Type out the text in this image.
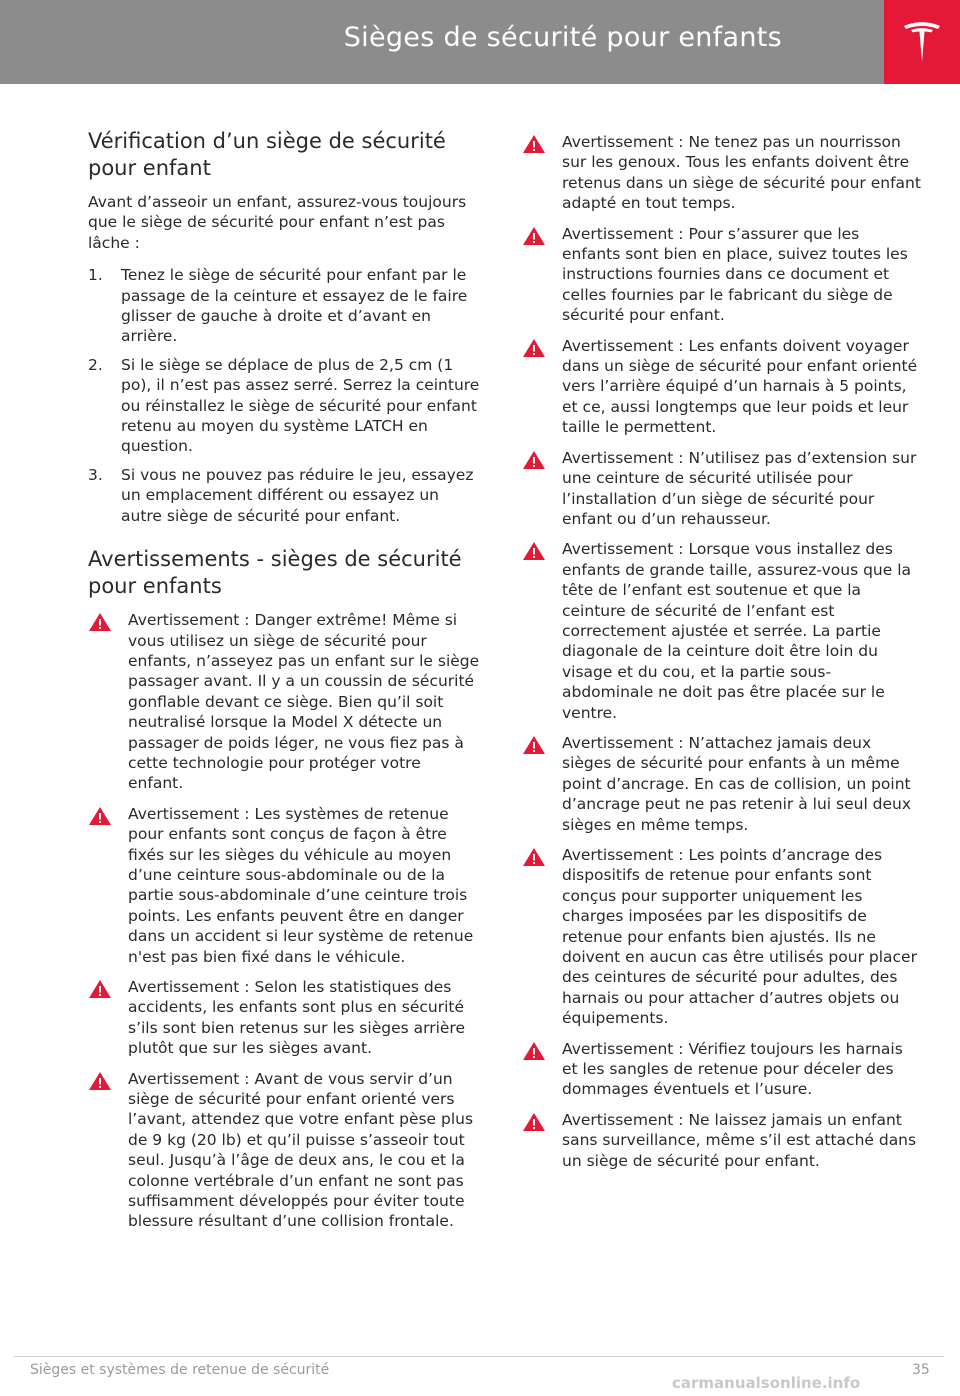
Sièges de sécurité pour enfants
Vérification d’un siège de sécurité pour enfant

Avant d’asseoir un enfant, assurez-vous toujours que le siège de sécurité pour enfant n’est pas lâche :

1. Tenez le siège de sécurité pour enfant par le passage de la ceinture et essayez de le faire glisser de gauche à droite et d’avant en arrière.
2. Si le siège se déplace de plus de 2,5 cm (1 po), il n’est pas assez serré. Serrez la ceinture ou réinstallez le siège de sécurité pour enfant retenu au moyen du système LATCH en question.
3. Si vous ne pouvez pas réduire le jeu, essayez un emplacement différent ou essayez un autre siège de sécurité pour enfant.
Avertissements - sièges de sécurité pour enfants
Avertissement : Danger extrême! Même si vous utilisez un siège de sécurité pour enfants, n’asseyez pas un enfant sur le siège passager avant. Il y a un coussin de sécurité gonflable devant ce siège. Bien qu’il soit neutralisé lorsque la Model X détecte un passager de poids léger, ne vous fiez pas à cette technologie pour protéger votre enfant.
Avertissement : Les systèmes de retenue pour enfants sont conçus de façon à être fixés sur les sièges du véhicule au moyen d’une ceinture sous-abdominale ou de la partie sous-abdominale d’une ceinture trois points. Les enfants peuvent être en danger dans un accident si leur système de retenue n'est pas bien fixé dans le véhicule.
Avertissement : Selon les statistiques des accidents, les enfants sont plus en sécurité s’ils sont bien retenus sur les sièges arrière plutôt que sur les sièges avant.
Avertissement : Avant de vous servir d’un siège de sécurité pour enfant orienté vers l’avant, attendez que votre enfant pèse plus de 9 kg (20 lb) et qu’il puisse s’asseoir tout seul. Jusqu’à l’âge de deux ans, le cou et la colonne vertébrale d’un enfant ne sont pas suffisamment développés pour éviter toute blessure résultant d’une collision frontale.
Avertissement : Ne tenez pas un nourrisson sur les genoux. Tous les enfants doivent être retenus dans un siège de sécurité pour enfant adapté en tout temps.
Avertissement : Pour s’assurer que les enfants sont bien en place, suivez toutes les instructions fournies dans ce document et celles fournies par le fabricant du siège de sécurité pour enfant.
Avertissement : Les enfants doivent voyager dans un siège de sécurité pour enfant orienté vers l’arrière équipé d’un harnais à 5 points, et ce, aussi longtemps que leur poids et leur taille le permettent.
Avertissement : N’utilisez pas d’extension sur une ceinture de sécurité utilisée pour l’installation d’un siège de sécurité pour enfant ou d’un rehausseur.
Avertissement : Lorsque vous installez des enfants de grande taille, assurez-vous que la tête de l’enfant est soutenue et que la ceinture de sécurité de l’enfant est correctement ajustée et serrée. La partie diagonale de la ceinture doit être loin du visage et du cou, et la partie sous-abdominale ne doit pas être placée sur le ventre.
Avertissement : N’attachez jamais deux sièges de sécurité pour enfants à un même point d’ancrage. En cas de collision, un point d’ancrage peut ne pas retenir à lui seul deux sièges en même temps.
Avertissement : Les points d’ancrage des dispositifs de retenue pour enfants sont conçus pour supporter uniquement les charges imposées par les dispositifs de retenue pour enfants bien ajustés. Ils ne doivent en aucun cas être utilisés pour placer des ceintures de sécurité pour adultes, des harnais ou pour attacher d’autres objets ou équipements.
Avertissement : Vérifiez toujours les harnais et les sangles de retenue pour déceler des dommages éventuels et l’usure.
Avertissement : Ne laissez jamais un enfant sans surveillance, même s’il est attaché dans un siège de sécurité pour enfant.
Sièges et systèmes de retenue de sécurité	35
carmanualsonline.info
